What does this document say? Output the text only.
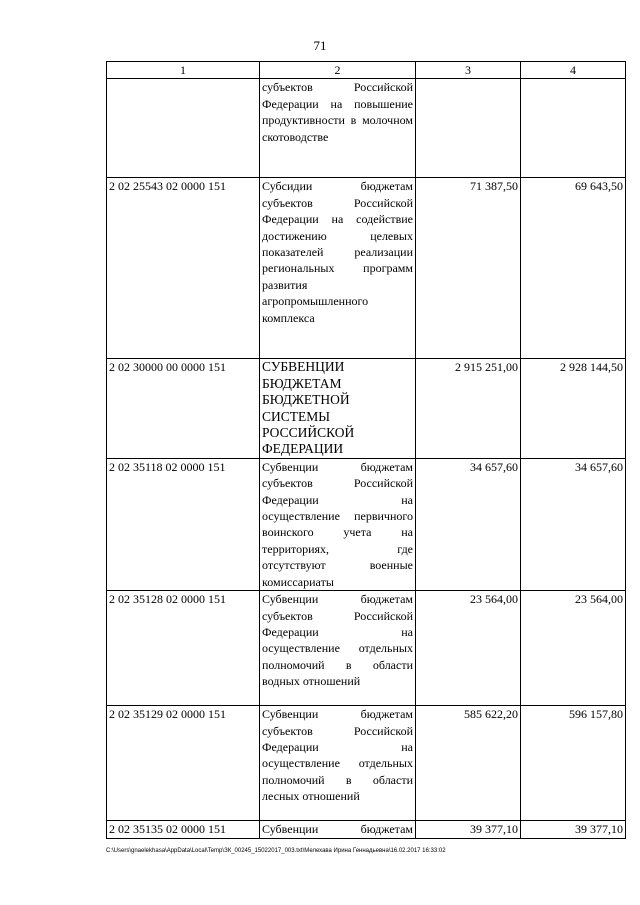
71
1	2	3	4
	субъектов Российской Федерации на повышение продуктивности в молочном скотоводстве		
2 02 25543 02 0000 151	Субсидии бюджетам субъектов Российской Федерации на содействие достижению целевых показателей реализации региональных программ развития агропромышленного комплекса	71 387,50	69 643,50
2 02 30000 00 0000 151	СУБВЕНЦИИ БЮДЖЕТАМ БЮДЖЕТНОЙ СИСТЕМЫ РОССИЙСКОЙ ФЕДЕРАЦИИ	2 915 251,00	2 928 144,50
2 02 35118 02 0000 151	Субвенции бюджетам субъектов Российской Федерации на осуществление первичного воинского учета на территориях, где отсутствуют военные комиссариаты	34 657,60	34 657,60
2 02 35128 02 0000 151	Субвенции бюджетам субъектов Российской Федерации на осуществление отдельных полномочий в области водных отношений	23 564,00	23 564,00
2 02 35129 02 0000 151	Субвенции бюджетам субъектов Российской Федерации на осуществление отдельных полномочий в области лесных отношений	585 622,20	596 157,80
2 02 35135 02 0000 151	Субвенции бюджетам	39 377,10	39 377,10
C:\Users\gnaelekhasa\AppData\Local\Temp\ЗК_00245_15022017_003.txt\Мелехава Ирина Геннадьевна\16.02.2017 16:33:02
